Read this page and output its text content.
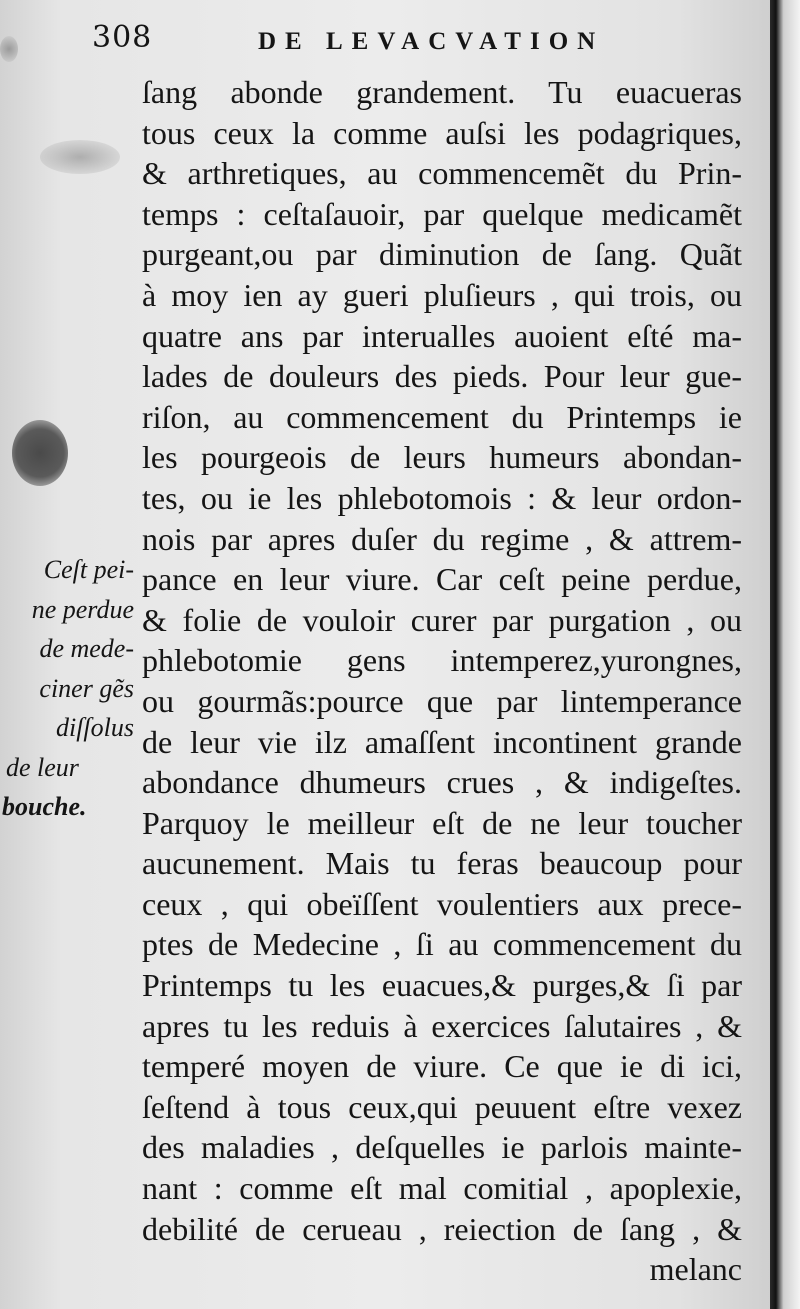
308	DE LEVACVATION
ſang abonde grandement. Tu euacueras
tous ceux la comme auſsi les podagriques,
& arthretiques, au commencemẽt du Prin-
temps : ceſtaſauoir, par quelque medicamẽt
purgeant,ou par diminution de ſang. Quãt
à moy ien ay gueri pluſieurs , qui trois, ou
quatre ans par interualles auoient eſté ma-
lades de douleurs des pieds. Pour leur gue-
riſon, au commencement du Printemps ie
les pourgeois de leurs humeurs abondan-
tes, ou ie les phlebotomois : & leur ordon-
nois par apres duſer du regime , & attrem-
pance en leur viure. Car ceſt peine perdue,
& folie de vouloir curer par purgation , ou
phlebotomie gens intemperez,yurongnes,
ou gourmãs:pource que par lintemperance
de leur vie ilz amaſſent incontinent grande
abondance dhumeurs crues , & indigeſtes.
Parquoy le meilleur eſt de ne leur toucher
aucunement. Mais tu feras beaucoup pour
ceux , qui obeïſſent voulentiers aux prece-
ptes de Medecine , ſi au commencement du
Printemps tu les euacues,& purges,& ſi par
apres tu les reduis à exercices ſalutaires , &
temperé moyen de viure. Ce que ie di ici,
ſeſtend à tous ceux,qui peuuent eſtre vexez
des maladies , deſquelles ie parlois mainte-
nant : comme eſt mal comitial , apoplexie,
debilité de cerueau , reiection de ſang , &
melanc
Ceſt pei-
ne perdue
de mede-
ciner gẽs
diſſolus
de leur
bouche.
